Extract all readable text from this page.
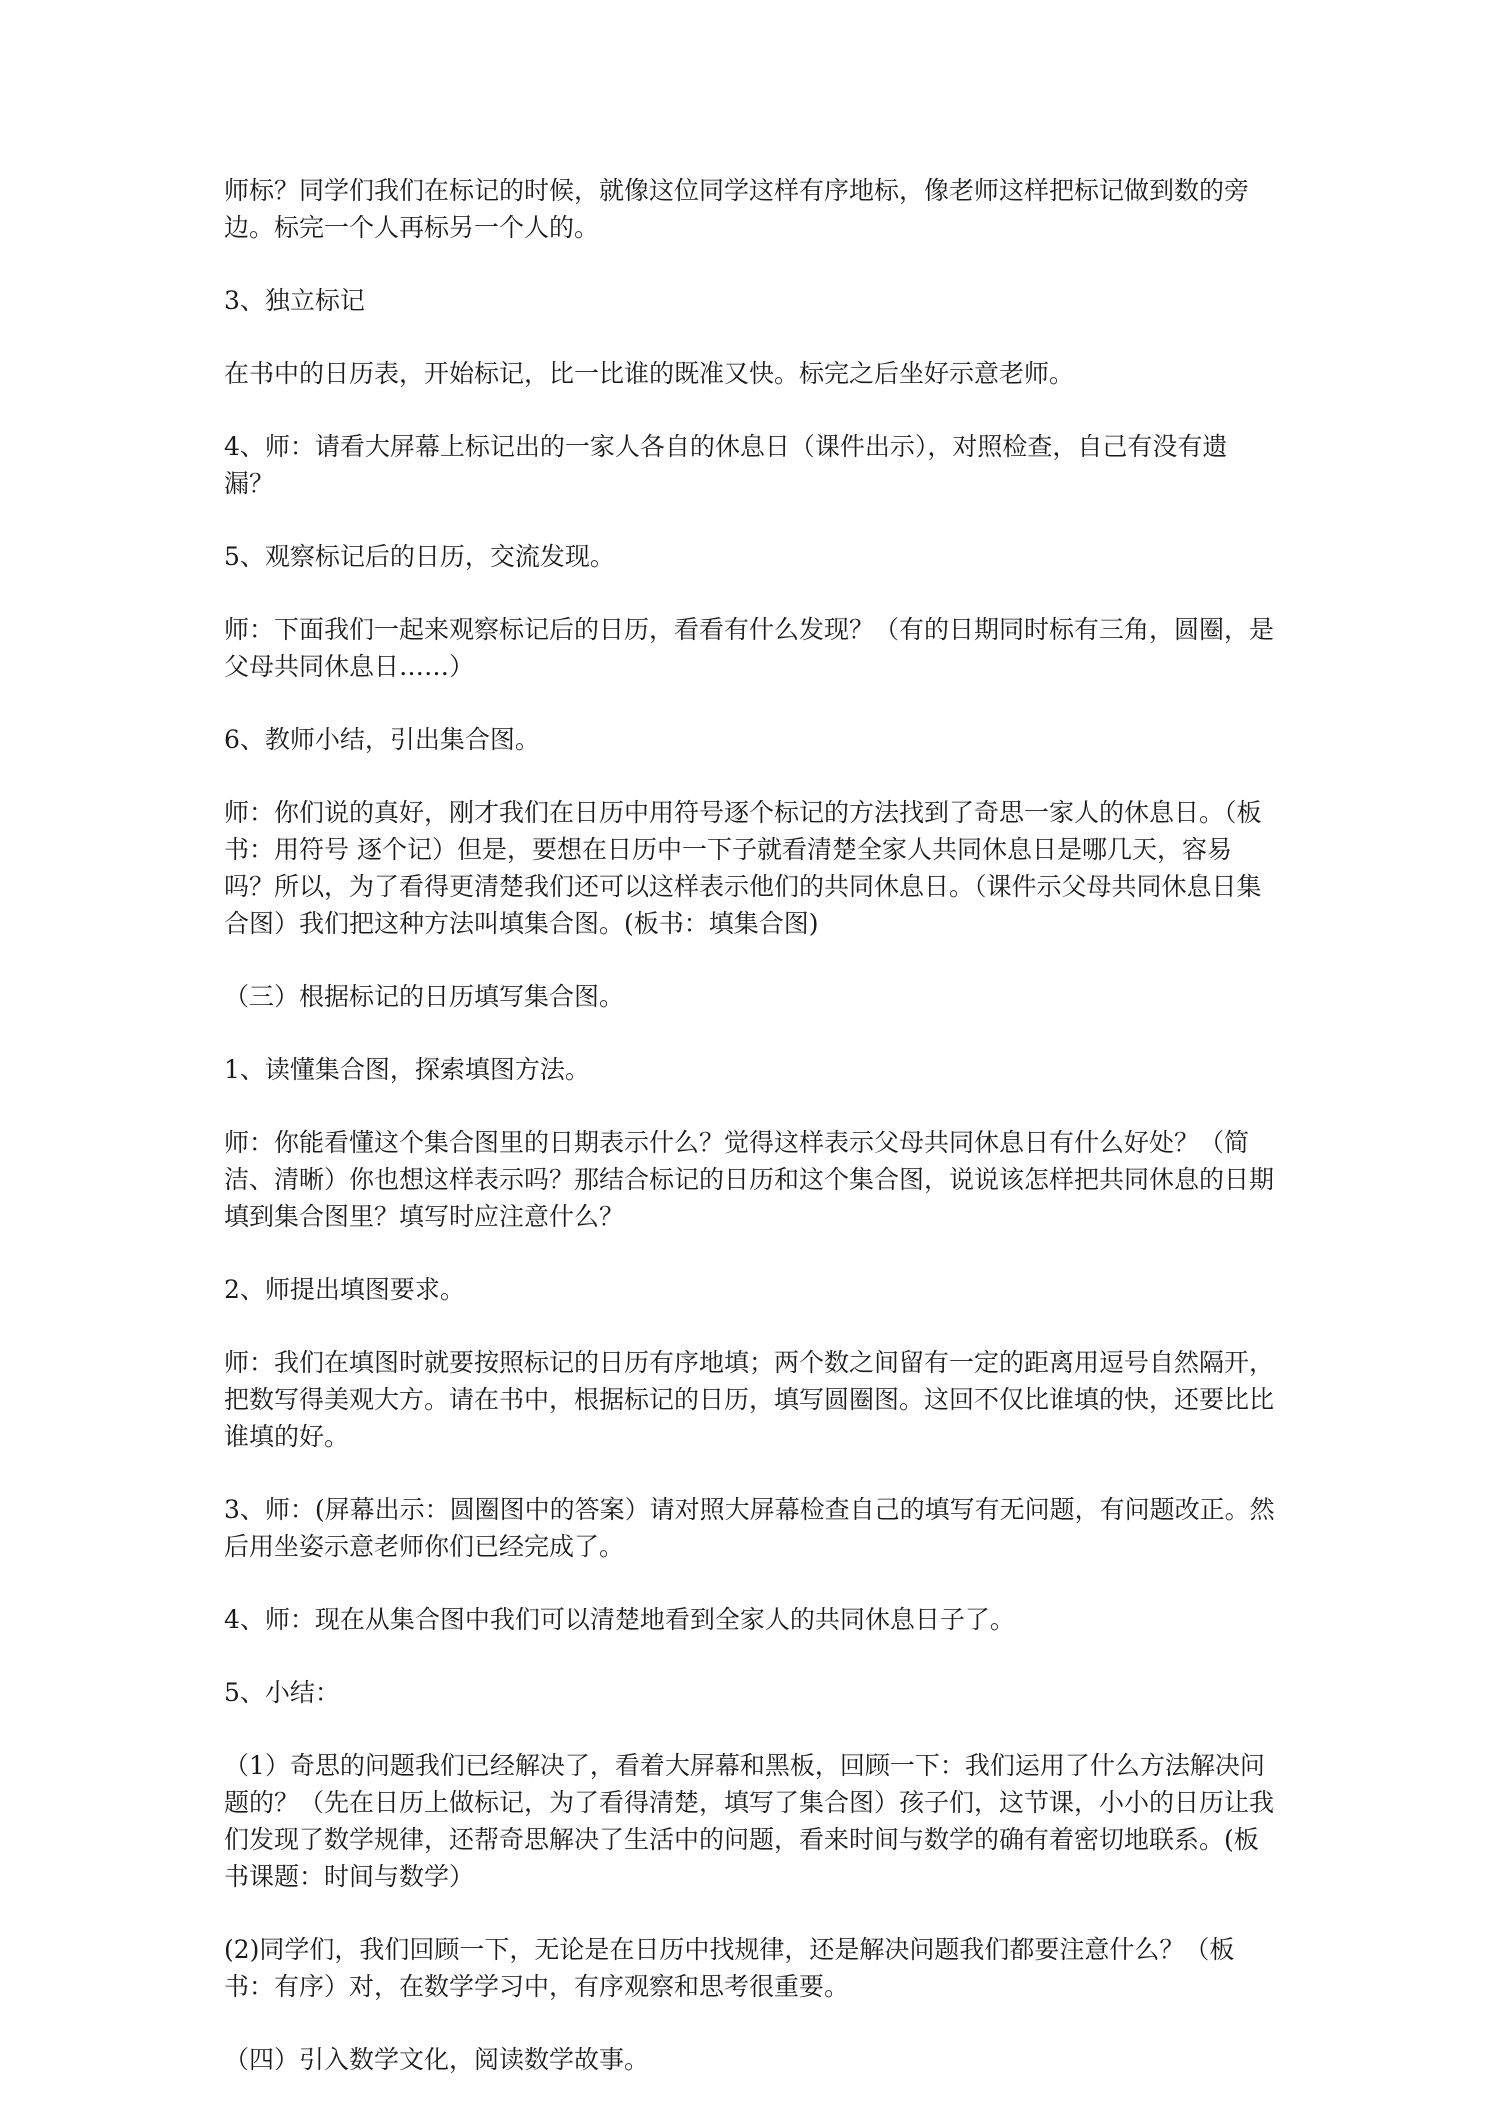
师标？同学们我们在标记的时候，就像这位同学这样有序地标，像老师这样把标记做到数的旁边。标完一个人再标另一个人的。

3、独立标记

在书中的日历表，开始标记，比一比谁的既准又快。标完之后坐好示意老师。

4、师：请看大屏幕上标记出的一家人各自的休息日（课件出示），对照检查，自己有没有遗漏？

5、观察标记后的日历，交流发现。

师：下面我们一起来观察标记后的日历，看看有什么发现？（有的日期同时标有三角，圆圈，是父母共同休息日……）

6、教师小结，引出集合图。

师：你们说的真好，刚才我们在日历中用符号逐个标记的方法找到了奇思一家人的休息日。（板书：用符号 逐个记）但是，要想在日历中一下子就看清楚全家人共同休息日是哪几天，容易吗？所以，为了看得更清楚我们还可以这样表示他们的共同休息日。（课件示父母共同休息日集合图）我们把这种方法叫填集合图。(板书：填集合图)

（三）根据标记的日历填写集合图。

1、读懂集合图，探索填图方法。

师：你能看懂这个集合图里的日期表示什么？觉得这样表示父母共同休息日有什么好处？（简洁、清晰）你也想这样表示吗？那结合标记的日历和这个集合图，说说该怎样把共同休息的日期填到集合图里？填写时应注意什么？

2、师提出填图要求。

师：我们在填图时就要按照标记的日历有序地填；两个数之间留有一定的距离用逗号自然隔开，把数写得美观大方。请在书中，根据标记的日历，填写圆圈图。这回不仅比谁填的快，还要比比谁填的好。

3、师：(屏幕出示：圆圈图中的答案）请对照大屏幕检查自己的填写有无问题，有问题改正。然后用坐姿示意老师你们已经完成了。

4、师：现在从集合图中我们可以清楚地看到全家人的共同休息日子了。

5、小结：

（1）奇思的问题我们已经解决了，看着大屏幕和黑板，回顾一下：我们运用了什么方法解决问题的？（先在日历上做标记，为了看得清楚，填写了集合图）孩子们，这节课，小小的日历让我们发现了数学规律，还帮奇思解决了生活中的问题，看来时间与数学的确有着密切地联系。(板书课题：时间与数学）

(2)同学们，我们回顾一下，无论是在日历中找规律，还是解决问题我们都要注意什么？（板书：有序）对，在数学学习中，有序观察和思考很重要。

（四）引入数学文化，阅读数学故事。
